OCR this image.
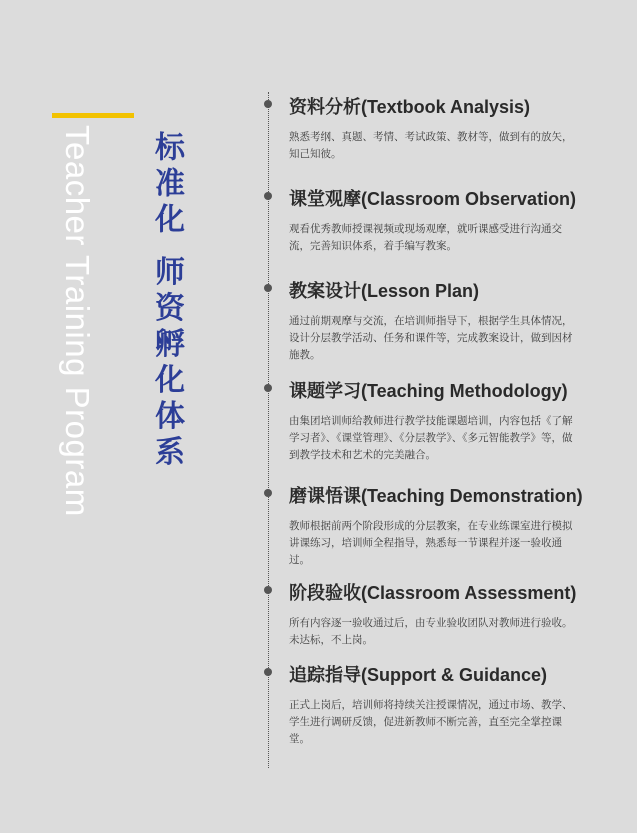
Teacher Training Program 标准化 师资孵化体系

资料分析(Textbook Analysis)

熟悉考纲、真题、考情、考试政策、教材等，做到有的放矢，知己知彼。

课堂观摩(Classroom Observation)

观看优秀教师授课视频或现场观摩，就听课感受进行沟通交流，完善知识体系，着手编写教案。

教案设计(Lesson Plan)

通过前期观摩与交流，在培训师指导下，根据学生具体情况，设计分层教学活动、任务和课件等，完成教案设计，做到因材施教。

课题学习(Teaching Methodology)

由集团培训师给教师进行教学技能课题培训，内容包括《了解学习者》、《课堂管理》、《分层教学》、《多元智能教学》等，做到教学技术和艺术的完美融合。

磨课悟课(Teaching Demonstration)

教师根据前两个阶段形成的分层教案，在专业练课室进行模拟讲课练习，培训师全程指导，熟悉每一节课程并逐一验收通过。

阶段验收(Classroom Assessment)

所有内容逐一验收通过后，由专业验收团队对教师进行验收。未达标，不上岗。

追踪指导(Support & Guidance)

正式上岗后，培训师将持续关注授课情况，通过市场、教学、学生进行调研反馈，促进新教师不断完善，直至完全掌控课堂。
